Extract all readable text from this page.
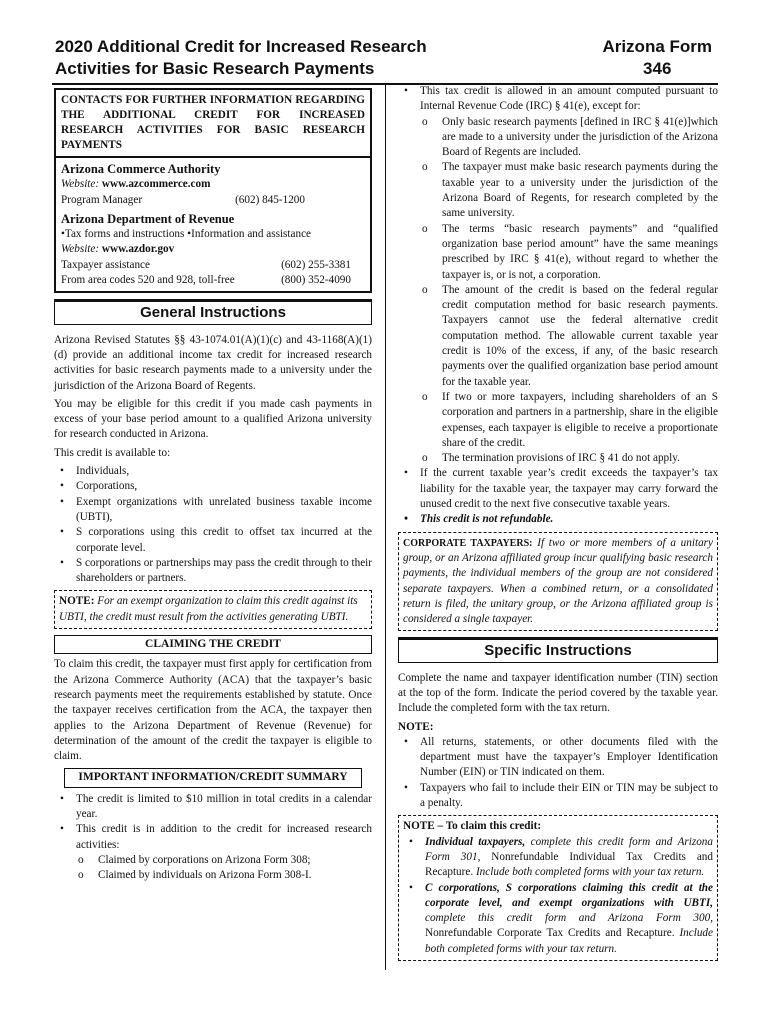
2020 Additional Credit for Increased Research
Activities for Basic Research Payments
Arizona Form
346
CONTACTS FOR FURTHER INFORMATION REGARDING THE ADDITIONAL CREDIT FOR INCREASED RESEARCH ACTIVITIES FOR BASIC RESEARCH PAYMENTS
Arizona Commerce Authority
Website: www.azcommerce.com
Program Manager	(602) 845-1200
Arizona Department of Revenue
•Tax forms and instructions •Information and assistance
Website: www.azdor.gov
Taxpayer assistance	(602) 255-3381
From area codes 520 and 928, toll-free	(800) 352-4090
General Instructions

Arizona Revised Statutes §§ 43-1074.01(A)(1)(c) and 43-1168(A)(1)(d) provide an additional income tax credit for increased research activities for basic research payments made to a university under the jurisdiction of the Arizona Board of Regents.

You may be eligible for this credit if you made cash payments in excess of your base period amount to a qualified Arizona university for research conducted in Arizona.

This credit is available to:

• Individuals,
• Corporations,
• Exempt organizations with unrelated business taxable income (UBTI),
• S corporations using this credit to offset tax incurred at the corporate level.
• S corporations or partnerships may pass the credit through to their shareholders or partners.
NOTE: For an exempt organization to claim this credit against its UBTI, the credit must result from the activities generating UBTI.
CLAIMING THE CREDIT

To claim this credit, the taxpayer must first apply for certification from the Arizona Commerce Authority (ACA) that the taxpayer’s basic research payments meet the requirements established by statute. Once the taxpayer receives certification from the ACA, the taxpayer then applies to the Arizona Department of Revenue (Revenue) for determination of the amount of the credit the taxpayer is eligible to claim.

IMPORTANT INFORMATION/CREDIT SUMMARY
• The credit is limited to $10 million in total credits in a calendar year.
• This credit is in addition to the credit for increased research activities:
o Claimed by corporations on Arizona Form 308;
o Claimed by individuals on Arizona Form 308-I.
• This tax credit is allowed in an amount computed pursuant to Internal Revenue Code (IRC) § 41(e), except for:
o Only basic research payments [defined in IRC § 41(e)]which are made to a university under the jurisdiction of the Arizona Board of Regents are included.
o The taxpayer must make basic research payments during the taxable year to a university under the jurisdiction of the Arizona Board of Regents, for research completed by the same university.
o The terms “basic research payments” and “qualified organization base period amount” have the same meanings prescribed by IRC § 41(e), without regard to whether the taxpayer is, or is not, a corporation.
o The amount of the credit is based on the federal regular credit computation method for basic research payments. Taxpayers cannot use the federal alternative credit computation method. The allowable current taxable year credit is 10% of the excess, if any, of the basic research payments over the qualified organization base period amount for the taxable year.
o If two or more taxpayers, including shareholders of an S corporation and partners in a partnership, share in the eligible expenses, each taxpayer is eligible to receive a proportionate share of the credit.
o The termination provisions of IRC § 41 do not apply.
• If the current taxable year’s credit exceeds the taxpayer’s tax liability for the taxable year, the taxpayer may carry forward the unused credit to the next five consecutive taxable years.
• This credit is not refundable.
CORPORATE TAXPAYERS: If two or more members of a unitary group, or an Arizona affiliated group incur qualifying basic research payments, the individual members of the group are not considered separate taxpayers. When a combined return, or a consolidated return is filed, the unitary group, or the Arizona affiliated group is considered a single taxpayer.
Specific Instructions

Complete the name and taxpayer identification number (TIN) section at the top of the form. Indicate the period covered by the taxable year. Include the completed form with the tax return.

NOTE:
• All returns, statements, or other documents filed with the department must have the taxpayer’s Employer Identification Number (EIN) or TIN indicated on them.
• Taxpayers who fail to include their EIN or TIN may be subject to a penalty.
NOTE – To claim this credit:
• Individual taxpayers, complete this credit form and Arizona Form 301, Nonrefundable Individual Tax Credits and Recapture. Include both completed forms with your tax return.
• C corporations, S corporations claiming this credit at the corporate level, and exempt organizations with UBTI, complete this credit form and Arizona Form 300, Nonrefundable Corporate Tax Credits and Recapture. Include both completed forms with your tax return.
